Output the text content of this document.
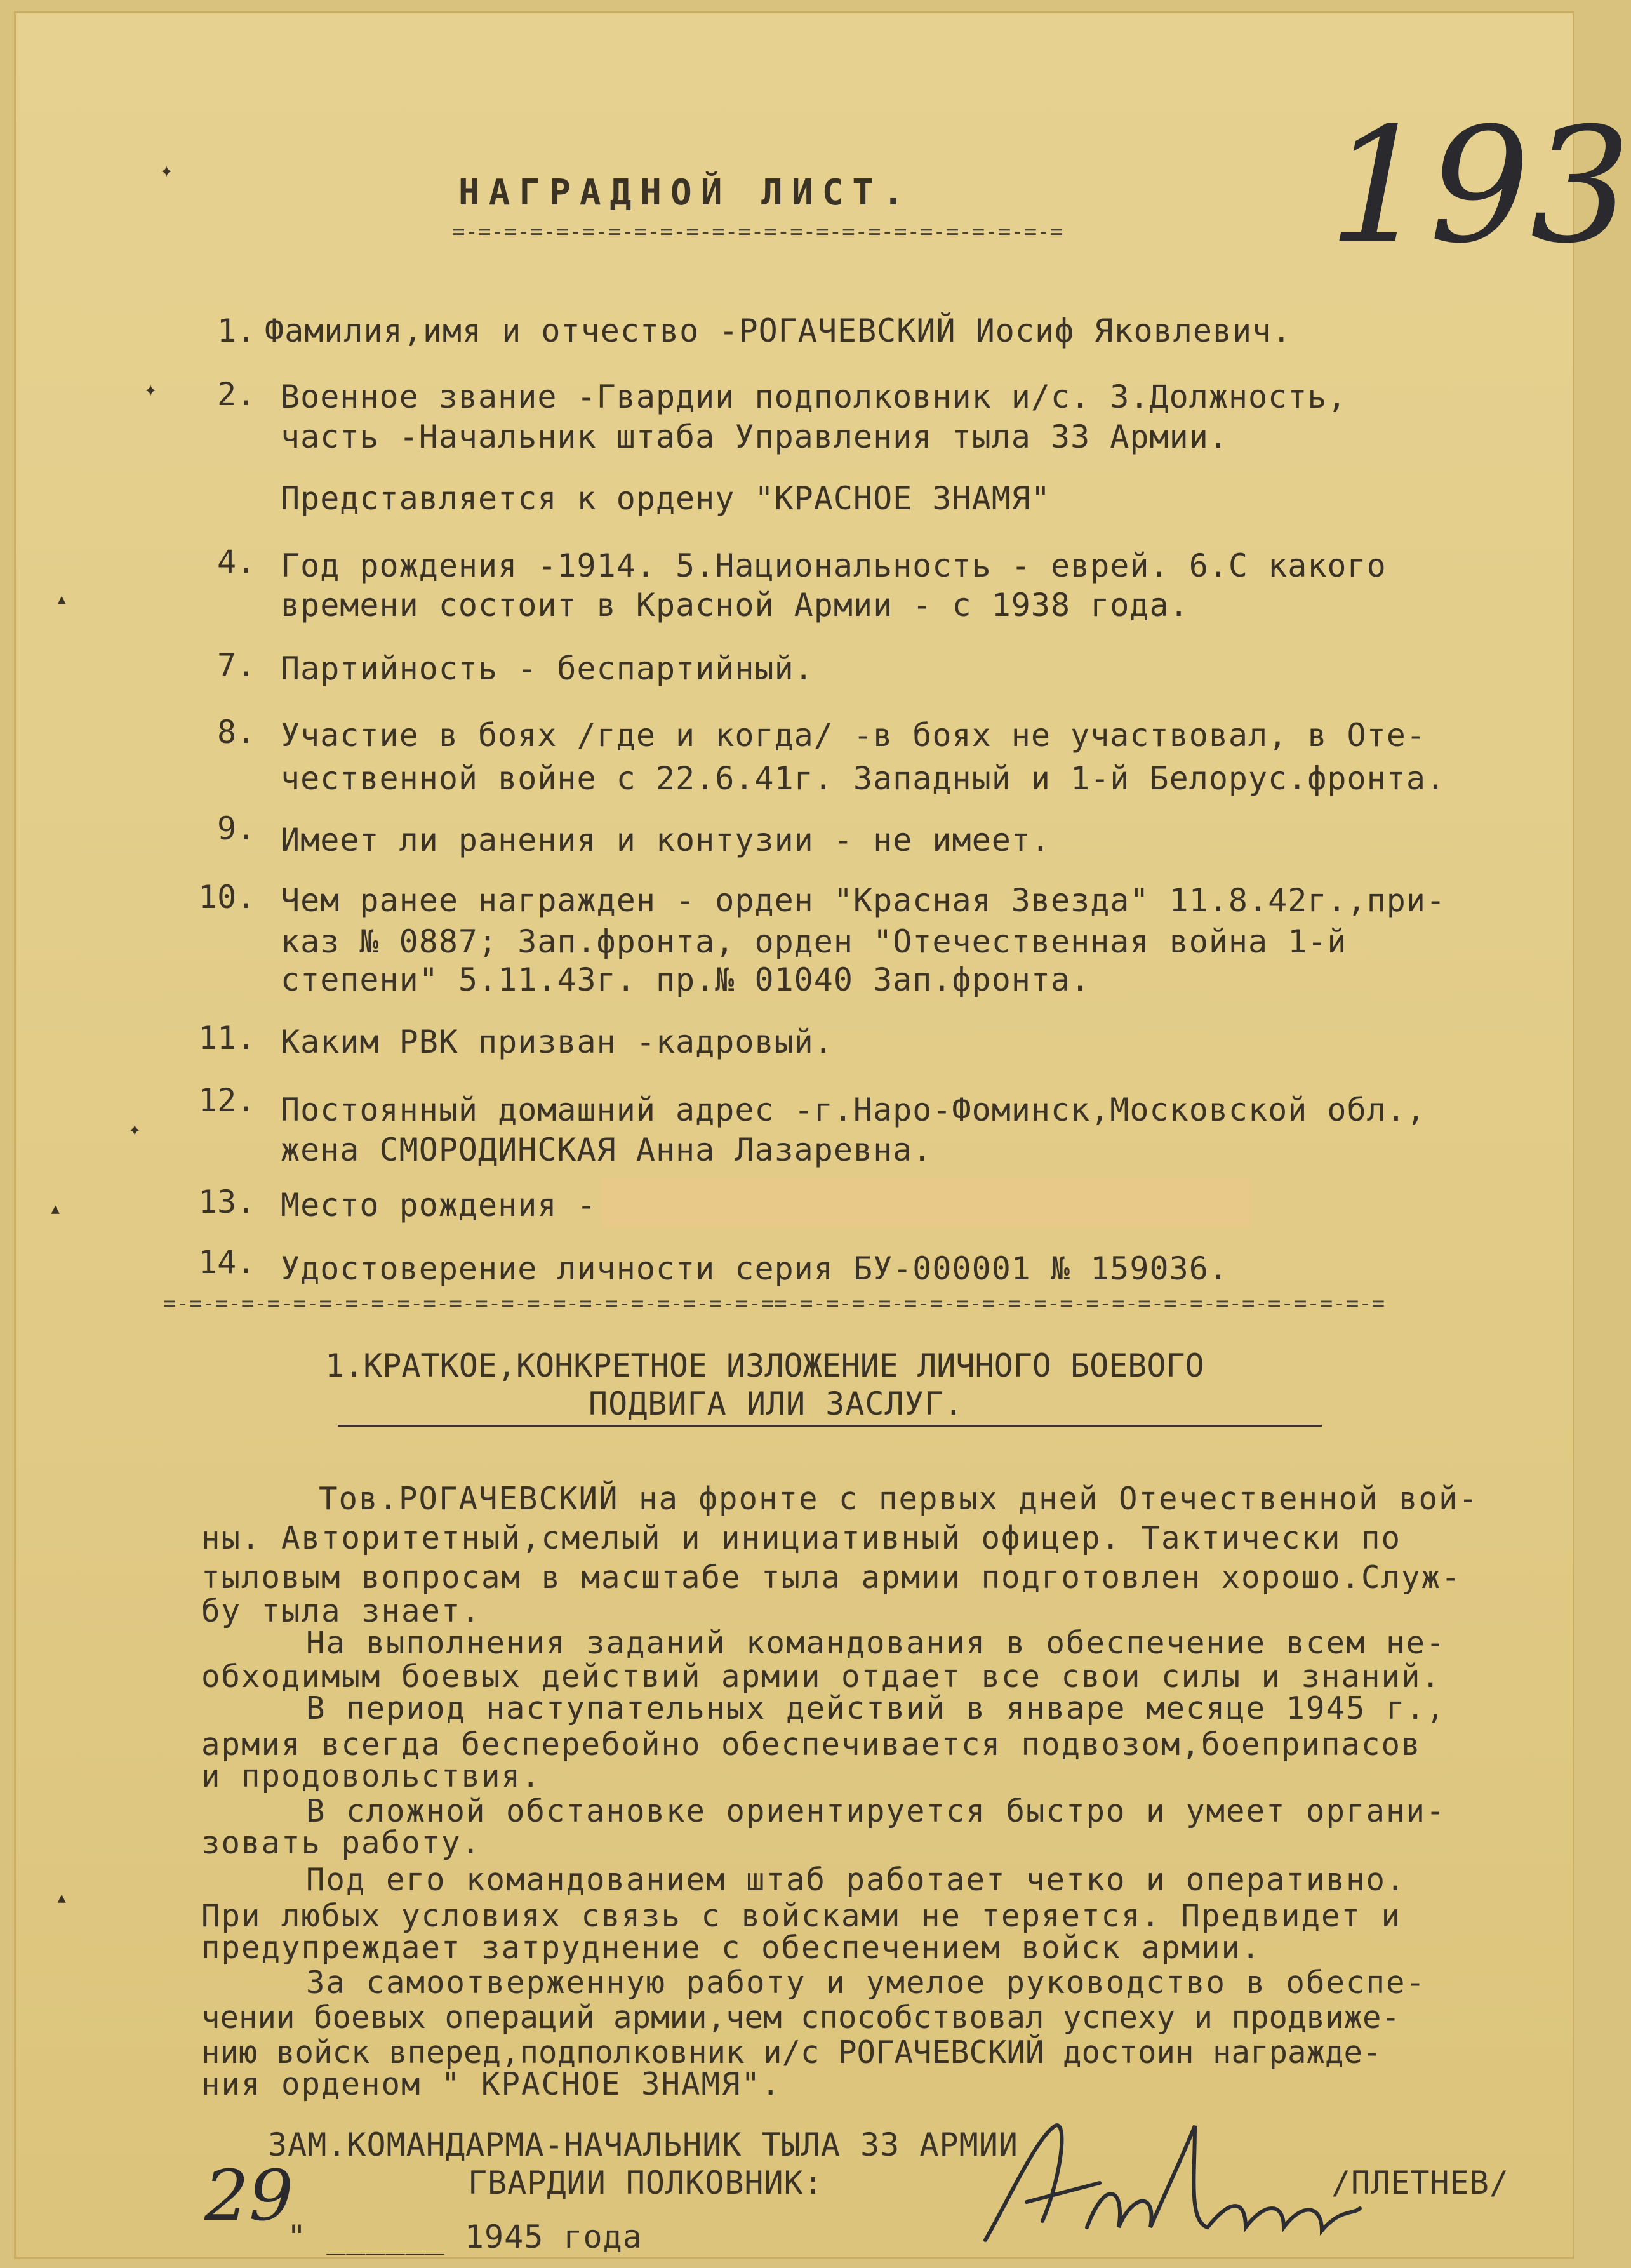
✦
✦
▴
✦
▴
▴
НАГРАДНОЙ ЛИСТ.
=-=-=-=-=-=-=-=-=-=-=-=-=-=-=-=-=-=-=-=-=-=-=-= 193
1. Фамилия,имя и отчество -РОГАЧЕВСКИЙ Иосиф Яковлевич.
2. Военное звание -Гвардии подполковник и/с. 3.Должность,
часть -Начальник штаба Управления тыла 33 Армии.
Представляется к ордену "КРАСНОЕ ЗНАМЯ"
4. Год рождения -1914. 5.Национальность - еврей. 6.С какого
времени состоит в Красной Армии - с 1938 года.
7. Партийность - беспартийный.
8. Участие в боях /где и когда/ -в боях не участвовал, в Оте-
чественной войне с 22.6.41г. Западный и 1-й Белорус.фронта.
9. Имеет ли ранения и контузии - не имеет.
10. Чем ранее награжден - орден "Красная Звезда" 11.8.42г.,при-
каз № 0887; Зап.фронта, орден "Отечественная война 1-й
степени" 5.11.43г. пр.№ 01040 Зап.фронта.
11. Каким РВК призван -кадровый.
12. Постоянный домашний адрес -г.Наро-Фоминск,Московской обл.,
жена СМОРОДИНСКАЯ Анна Лазаревна.
13. Место рождения -
14. Удостоверение личности серия БУ-000001 № 159036.
=-=-=-=-=-=-=-=-=-=-=-=-=-=-=-=-=-=-=-=-=-=-=-==-=-=-=-=-=-=-=-=-=-=-=-=-=-=-=-=-=-=-=-=-=-=-=
1.КРАТКОЕ,КОНКРЕТНОЕ ИЗЛОЖЕНИЕ ЛИЧНОГО БОЕВОГО
ПОДВИГА ИЛИ ЗАСЛУГ.
Тов.РОГАЧЕВСКИЙ на фронте с первых дней Отечественной вой-
ны. Авторитетный,смелый и инициативный офицер. Тактически по
тыловым вопросам в масштабе тыла армии подготовлен хорошо.Служ-
бу тыла знает.
На выполнения заданий командования в обеспечение всем не-
обходимым боевых действий армии отдает все свои силы и знаний.
В период наступательных действий в январе месяце 1945 г.,
армия всегда бесперебойно обеспечивается подвозом,боеприпасов
и продовольствия.
В сложной обстановке ориентируется быстро и умеет органи-
зовать работу.
Под его командованием штаб работает четко и оперативно.
При любых условиях связь с войсками не теряется. Предвидет и
предупреждает затруднение с обеспечением войск армии.
За самоотверженную работу и умелое руководство в обеспе-
чении боевых операций армии,чем способствовал успеху и продвиже-
нию войск вперед,подполковник и/с РОГАЧЕВСКИЙ достоин награжде-
ния орденом " КРАСНОЕ ЗНАМЯ".
ЗАМ.КОМАНДАРМА-НАЧАЛЬНИК ТЫЛА 33 АРМИИ
ГВАРДИИ ПОЛКОВНИК:	/ПЛЕТНЕВ/
29
" ______ 1945 года
